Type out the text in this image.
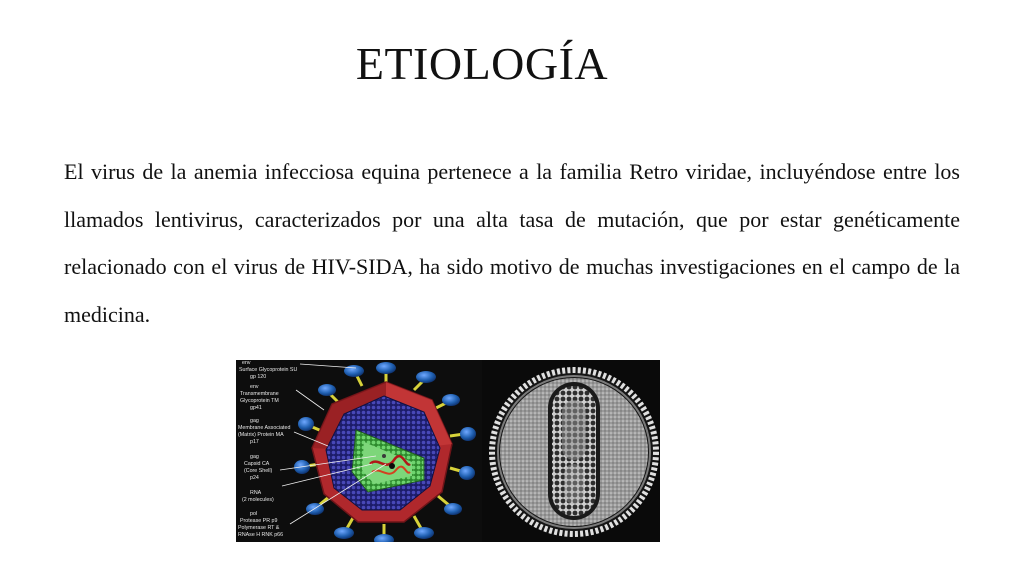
ETIOLOGÍA
El virus de la anemia infecciosa equina pertenece a la familia Retro viridae, incluyéndose entre los llamados lentivirus, caracterizados por una alta tasa de mutación, que por estar genéticamente relacionado con el virus de HIV-SIDA, ha sido motivo de muchas investigaciones en el campo de la medicina.
env
Surface Glycoprotein SU
gp 120
env
Transmembrane
Glycoprotein TM
gp41
gag
Membrane Associated
(Matrix) Protein MA
p17
gag
Capsid CA
(Core Shell)
p24
RNA
(2 molecules)
pol
Protease PR p9
Polymerase RT &
RNAse H RNK p66
